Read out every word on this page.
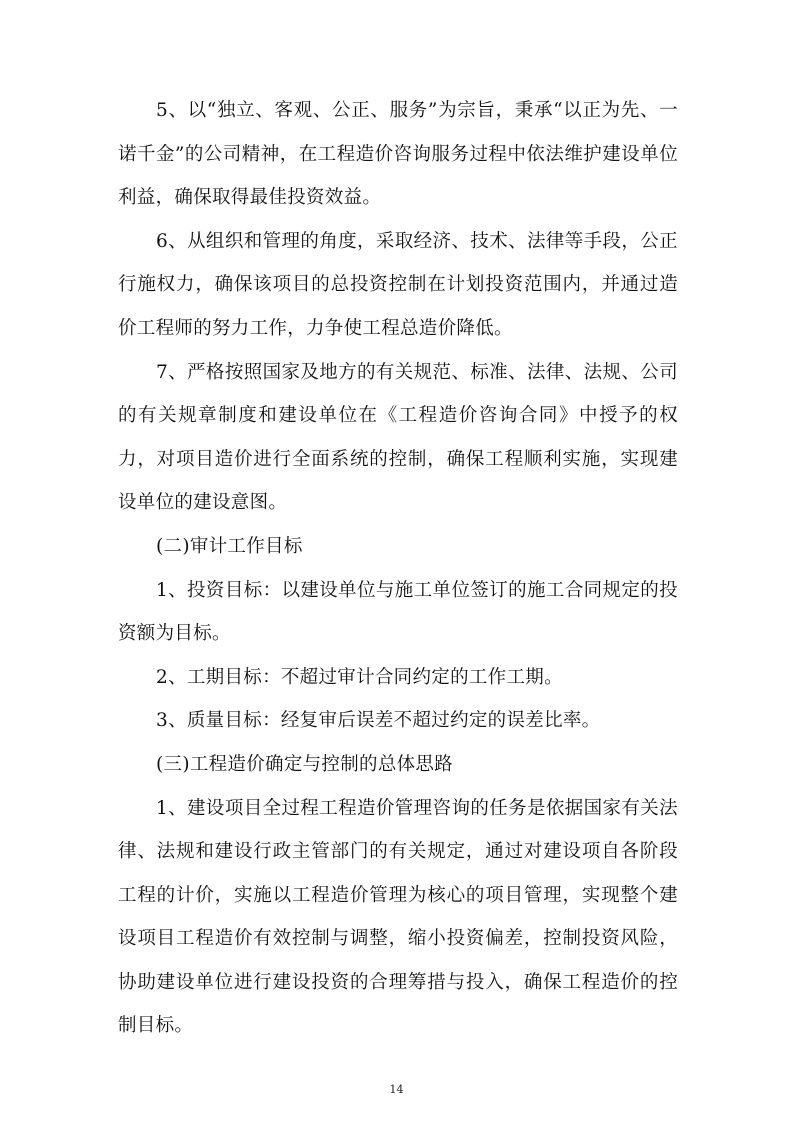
5、以“独立、客观、公正、服务”为宗旨，秉承“以正为先、一诺千金”的公司精神，在工程造价咨询服务过程中依法维护建设单位利益，确保取得最佳投资效益。

6、从组织和管理的角度，采取经济、技术、法律等手段，公正行施权力，确保该项目的总投资控制在计划投资范围内，并通过造价工程师的努力工作，力争使工程总造价降低。

7、严格按照国家及地方的有关规范、标准、法律、法规、公司的有关规章制度和建设单位在《工程造价咨询合同》中授予的权力，对项目造价进行全面系统的控制，确保工程顺利实施，实现建设单位的建设意图。

(二)审计工作目标

1、投资目标：以建设单位与施工单位签订的施工合同规定的投资额为目标。

2、工期目标：不超过审计合同约定的工作工期。

3、质量目标：经复审后误差不超过约定的误差比率。

(三)工程造价确定与控制的总体思路

1、建设项目全过程工程造价管理咨询的任务是依据国家有关法律、法规和建设行政主管部门的有关规定，通过对建设项自各阶段工程的计价，实施以工程造价管理为核心的项目管理，实现整个建设项目工程造价有效控制与调整，缩小投资偏差，控制投资风险，协助建设单位进行建设投资的合理筹措与投入，确保工程造价的控制目标。

14
